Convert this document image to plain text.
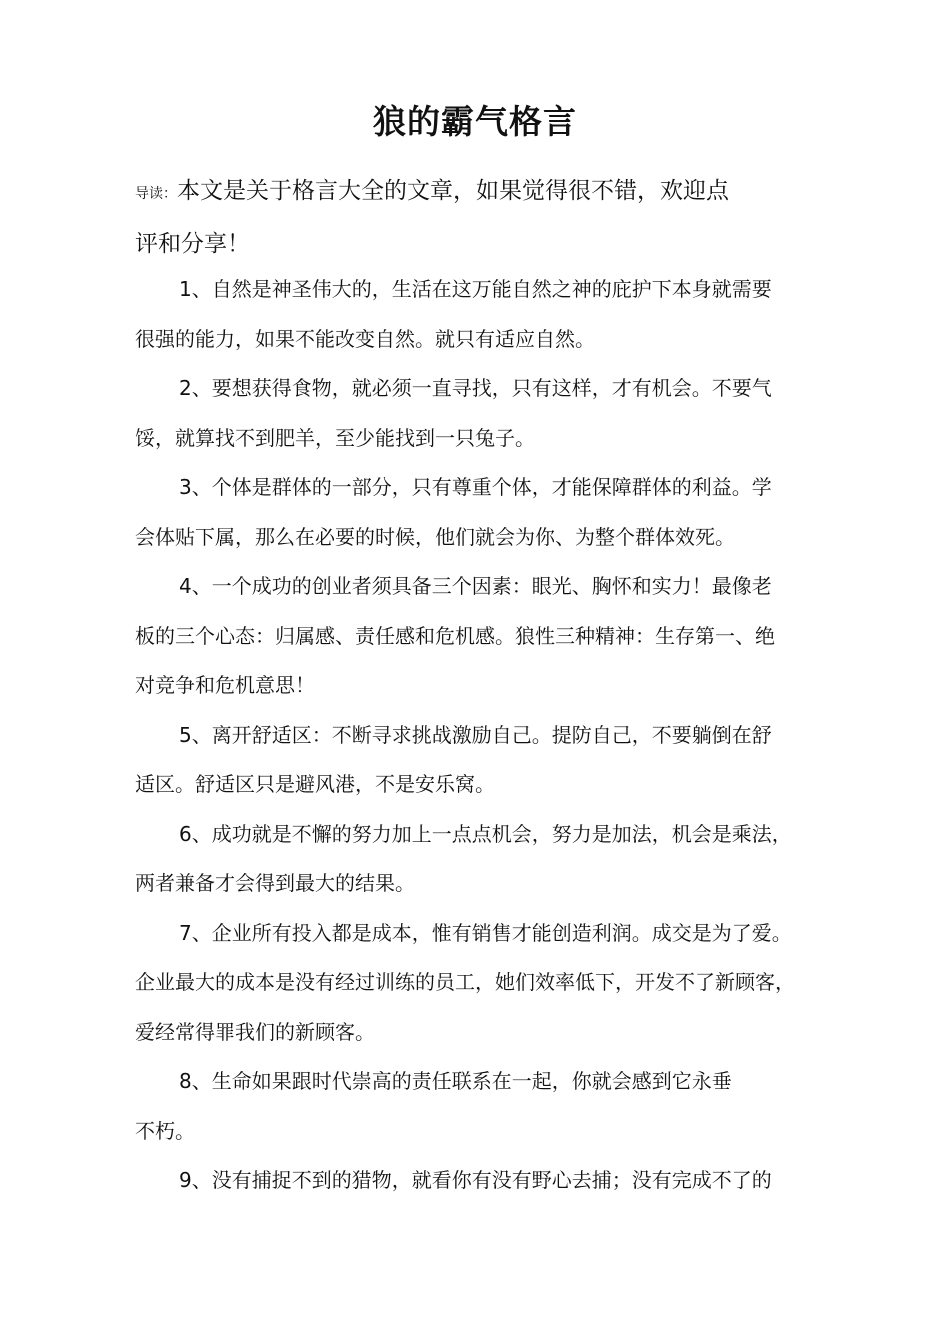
狼的霸气格言
导读：本文是关于格言大全的文章，如果觉得很不错，欢迎点
评和分享！

1、自然是神圣伟大的，生活在这万能自然之神的庇护下本身就需要
很强的能力，如果不能改变自然。就只有适应自然。

2、要想获得食物，就必须一直寻找，只有这样，才有机会。不要气
馁，就算找不到肥羊，至少能找到一只兔子。

3、个体是群体的一部分，只有尊重个体，才能保障群体的利益。学
会体贴下属，那么在必要的时候，他们就会为你、为整个群体效死。

4、一个成功的创业者须具备三个因素：眼光、胸怀和实力！最像老
板的三个心态：归属感、责任感和危机感。狼性三种精神：生存第一、绝
对竞争和危机意思！

5、离开舒适区：不断寻求挑战激励自己。提防自己，不要躺倒在舒
适区。舒适区只是避风港，不是安乐窝。

6、成功就是不懈的努力加上一点点机会，努力是加法，机会是乘法，
两者兼备才会得到最大的结果。

7、企业所有投入都是成本，惟有销售才能创造利润。成交是为了爱。
企业最大的成本是没有经过训练的员工，她们效率低下，开发不了新顾客，
爱经常得罪我们的新顾客。

8、生命如果跟时代崇高的责任联系在一起，你就会感到它永垂
不朽。

9、没有捕捉不到的猎物，就看你有没有野心去捕；没有完成不了的
